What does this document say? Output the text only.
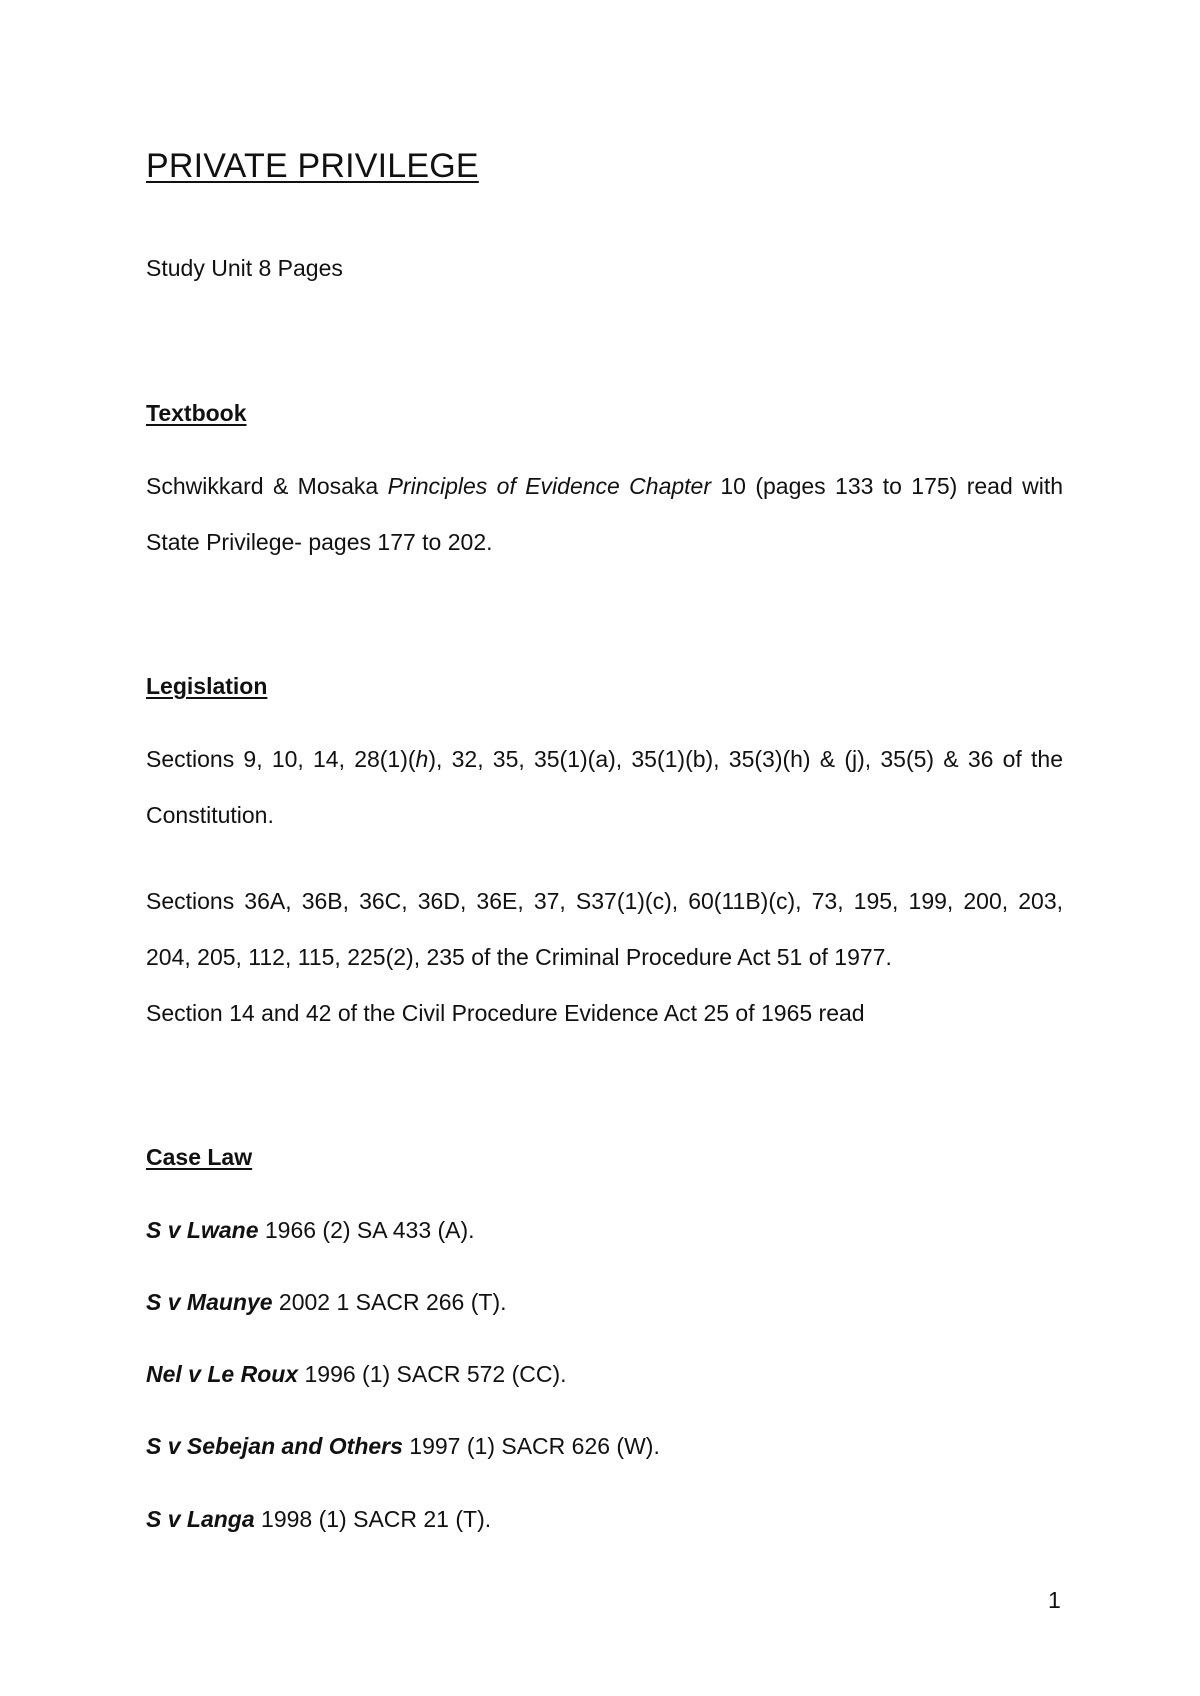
PRIVATE PRIVILEGE

Study Unit 8 Pages

Textbook

Schwikkard & Mosaka Principles of Evidence Chapter 10 (pages 133 to 175) read with State Privilege- pages 177 to 202.

Legislation

Sections 9, 10, 14, 28(1)(h), 32, 35, 35(1)(a), 35(1)(b), 35(3)(h) & (j), 35(5) & 36 of the Constitution.

Sections 36A, 36B, 36C, 36D, 36E, 37, S37(1)(c), 60(11B)(c), 73, 195, 199, 200, 203, 204, 205, 112, 115, 225(2), 235 of the Criminal Procedure Act 51 of 1977.

Section 14 and 42 of the Civil Procedure Evidence Act 25 of 1965 read

Case Law

S v Lwane 1966 (2) SA 433 (A).

S v Maunye 2002 1 SACR 266 (T).

Nel v Le Roux 1996 (1) SACR 572 (CC).

S v Sebejan and Others 1997 (1) SACR 626 (W).

S v Langa 1998 (1) SACR 21 (T).

1
